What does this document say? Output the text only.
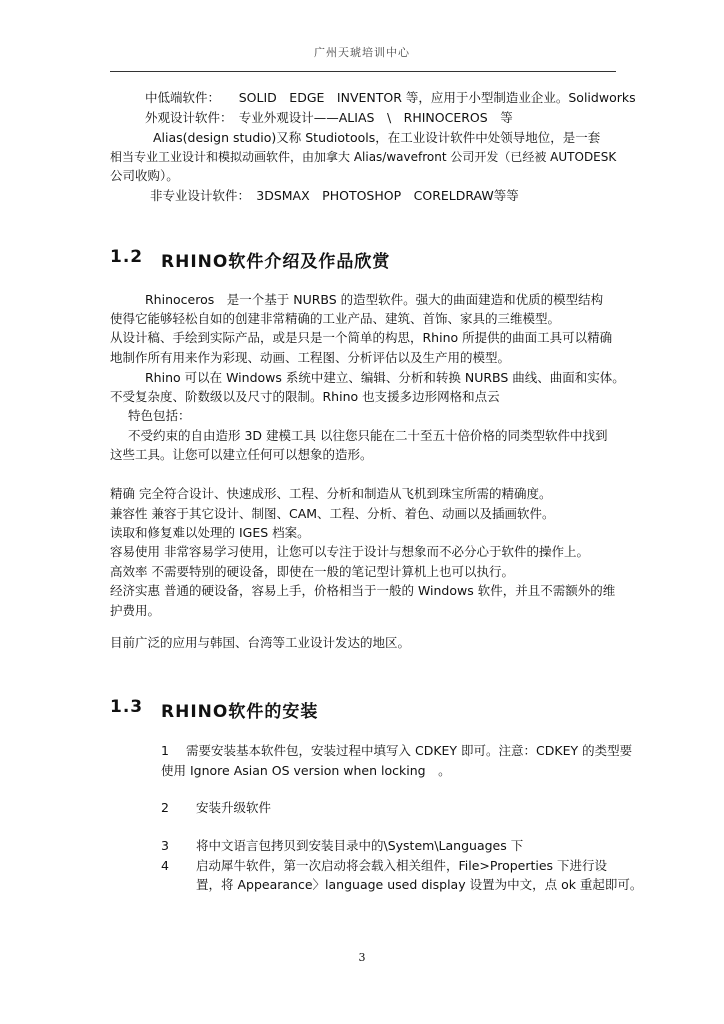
广州天琥培训中心
中低端软件：　　SOLID　EDGE　INVENTOR 等，应用于小型制造业企业。Solidworks
外观设计软件：　专业外观设计——ALIAS　\　RHINOCEROS　等
Alias(design studio)又称 Studiotools，在工业设计软件中处领导地位，是一套
相当专业工业设计和模拟动画软件，由加拿大 Alias/wavefront 公司开发（已经被 AUTODESK
公司收购）。
非专业设计软件：　3DSMAX　PHOTOSHOP　CORELDRAW等等
1.2 RHINO软件介绍及作品欣赏
Rhinoceros　是一个基于 NURBS 的造型软件。强大的曲面建造和优质的模型结构
使得它能够轻松自如的创建非常精确的工业产品、建筑、首饰、家具的三维模型。
从设计稿、手绘到实际产品，或是只是一个简单的构思，Rhino 所提供的曲面工具可以精确
地制作所有用来作为彩现、动画、工程图、分析评估以及生产用的模型。
Rhino 可以在 Windows 系统中建立、编辑、分析和转换 NURBS 曲线、曲面和实体。
不受复杂度、阶数级以及尺寸的限制。Rhino 也支援多边形网格和点云
特色包括：
不受约束的自由造形 3D 建模工具 以往您只能在二十至五十倍价格的同类型软件中找到
这些工具。让您可以建立任何可以想象的造形。
精确 完全符合设计、快速成形、工程、分析和制造从飞机到珠宝所需的精确度。
兼容性 兼容于其它设计、制图、CAM、工程、分析、着色、动画以及插画软件。
读取和修复难以处理的 IGES 档案。
容易使用 非常容易学习使用，让您可以专注于设计与想象而不必分心于软件的操作上。
高效率 不需要特别的硬设备，即使在一般的笔记型计算机上也可以执行。
经济实惠 普通的硬设备，容易上手，价格相当于一般的 Windows 软件，并且不需额外的维
护费用。
目前广泛的应用与韩国、台湾等工业设计发达的地区。
1.3 RHINO软件的安装
1 需要安装基本软件包，安装过程中填写入 CDKEY 即可。注意：CDKEY 的类型要
使用 Ignore Asian OS version when locking　。
2 安装升级软件
3 将中文语言包拷贝到安装目录中的\System\Languages 下
4 启动犀牛软件，第一次启动将会载入相关组件，File>Properties 下进行设
置，将 Appearance〉language used display 设置为中文，点 ok 重起即可。
3
